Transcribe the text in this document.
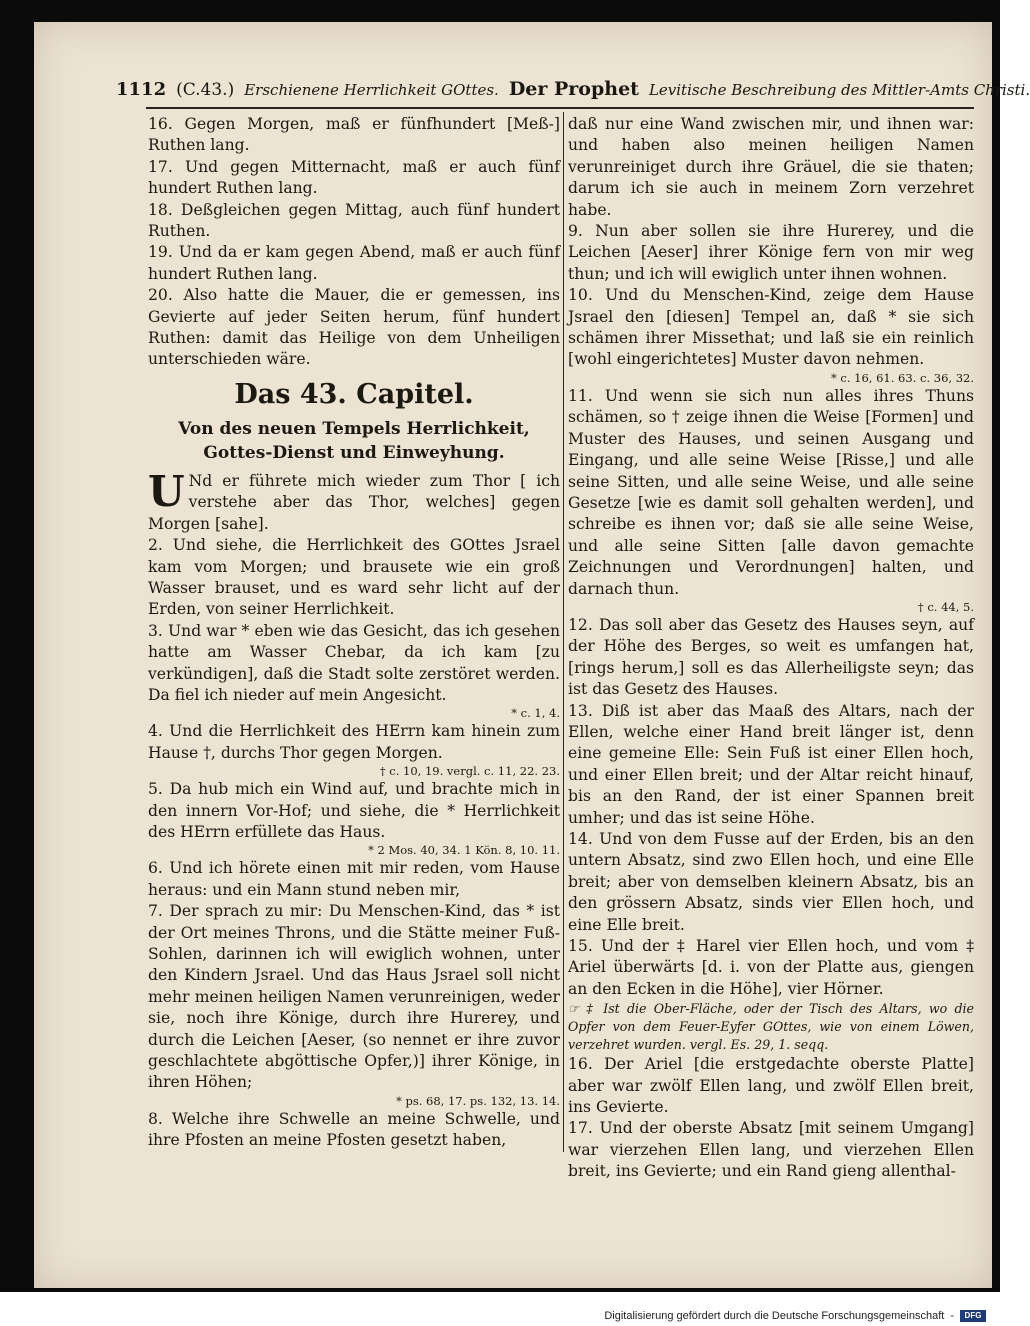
1112 (C.43.) Erschienene Herrlichkeit GOttes. Der Prophet Levitische Beschreibung des Mittler-Amts Christi.

16. Gegen Morgen, maß er fünfhundert [Meß-] Ruthen lang.

17. Und gegen Mitternacht, maß er auch fünf hundert Ruthen lang.

18. Deßgleichen gegen Mittag, auch fünf hundert Ruthen.

19. Und da er kam gegen Abend, maß er auch fünf hundert Ruthen lang.

20. Also hatte die Mauer, die er gemessen, ins Gevierte auf jeder Seiten herum, fünf hundert Ruthen: damit das Heilige von dem Unheiligen unterschieden wäre.

Das 43. Capitel.
Von des neuen Tempels Herrlichkeit, Gottes-Dienst und Einweyhung.

U Nd er führete mich wieder zum Thor [ ich verstehe aber das Thor, welches] gegen Morgen [sahe].

2. Und siehe, die Herrlichkeit des GOttes Jsrael kam vom Morgen; und brausete wie ein groß Wasser brauset, und es ward sehr licht auf der Erden, von seiner Herrlichkeit.

3. Und war * eben wie das Gesicht, das ich gesehen hatte am Wasser Chebar, da ich kam [zu verkündigen], daß die Stadt solte zerstöret werden. Da fiel ich nieder auf mein Angesicht.

* c. 1, 4.

4. Und die Herrlichkeit des HErrn kam hinein zum Hause †, durchs Thor gegen Morgen.

† c. 10, 19. vergl. c. 11, 22. 23.

5. Da hub mich ein Wind auf, und brachte mich in den innern Vor-Hof; und siehe, die * Herrlichkeit des HErrn erfüllete das Haus.

* 2 Mos. 40, 34. 1 Kön. 8, 10. 11.

6. Und ich hörete einen mit mir reden, vom Hause heraus: und ein Mann stund neben mir,

7. Der sprach zu mir: Du Menschen-Kind, das * ist der Ort meines Throns, und die Stätte meiner Fuß-Sohlen, darinnen ich will ewiglich wohnen, unter den Kindern Jsrael. Und das Haus Jsrael soll nicht mehr meinen heiligen Namen verunreinigen, weder sie, noch ihre Könige, durch ihre Hurerey, und durch die Leichen [Aeser, (so nennet er ihre zuvor geschlachtete abgöttische Opfer,)] ihrer Könige, in ihren Höhen;

* ps. 68, 17. ps. 132, 13. 14.

8. Welche ihre Schwelle an meine Schwelle, und ihre Pfosten an meine Pfosten gesetzt haben,

daß nur eine Wand zwischen mir, und ihnen war: und haben also meinen heiligen Namen verunreiniget durch ihre Gräuel, die sie thaten; darum ich sie auch in meinem Zorn verzehret habe.

9. Nun aber sollen sie ihre Hurerey, und die Leichen [Aeser] ihrer Könige fern von mir weg thun; und ich will ewiglich unter ihnen wohnen.

10. Und du Menschen-Kind, zeige dem Hause Jsrael den [diesen] Tempel an, daß * sie sich schämen ihrer Missethat; und laß sie ein reinlich [wohl eingerichtetes] Muster davon nehmen.

* c. 16, 61. 63. c. 36, 32.

11. Und wenn sie sich nun alles ihres Thuns schämen, so † zeige ihnen die Weise [Formen] und Muster des Hauses, und seinen Ausgang und Eingang, und alle seine Weise [Risse,] und alle seine Sitten, und alle seine Weise, und alle seine Gesetze [wie es damit soll gehalten werden], und schreibe es ihnen vor; daß sie alle seine Weise, und alle seine Sitten [alle davon gemachte Zeichnungen und Verordnungen] halten, und darnach thun.

† c. 44, 5.

12. Das soll aber das Gesetz des Hauses seyn, auf der Höhe des Berges, so weit es umfangen hat, [rings herum,] soll es das Allerheiligste seyn; das ist das Gesetz des Hauses.

13. Diß ist aber das Maaß des Altars, nach der Ellen, welche einer Hand breit länger ist, denn eine gemeine Elle: Sein Fuß ist einer Ellen hoch, und einer Ellen breit; und der Altar reicht hinauf, bis an den Rand, der ist einer Spannen breit umher; und das ist seine Höhe.

14. Und von dem Fusse auf der Erden, bis an den untern Absatz, sind zwo Ellen hoch, und eine Elle breit; aber von demselben kleinern Absatz, bis an den grössern Absatz, sinds vier Ellen hoch, und eine Elle breit.

15. Und der ‡ Harel vier Ellen hoch, und vom ‡ Ariel überwärts [d. i. von der Platte aus, giengen an den Ecken in die Höhe], vier Hörner.

☞ ‡ Ist die Ober-Fläche, oder der Tisch des Altars, wo die Opfer von dem Feuer-Eyfer GOttes, wie von einem Löwen, verzehret wurden. vergl. Es. 29, 1. seqq.

16. Der Ariel [die erstgedachte oberste Platte] aber war zwölf Ellen lang, und zwölf Ellen breit, ins Gevierte.

17. Und der oberste Absatz [mit seinem Umgang] war vierzehen Ellen lang, und vierzehen Ellen breit, ins Gevierte; und ein Rand gieng allenthal-

Digitalisierung gefördert durch die Deutsche Forschungsgemeinschaft -	DFG
